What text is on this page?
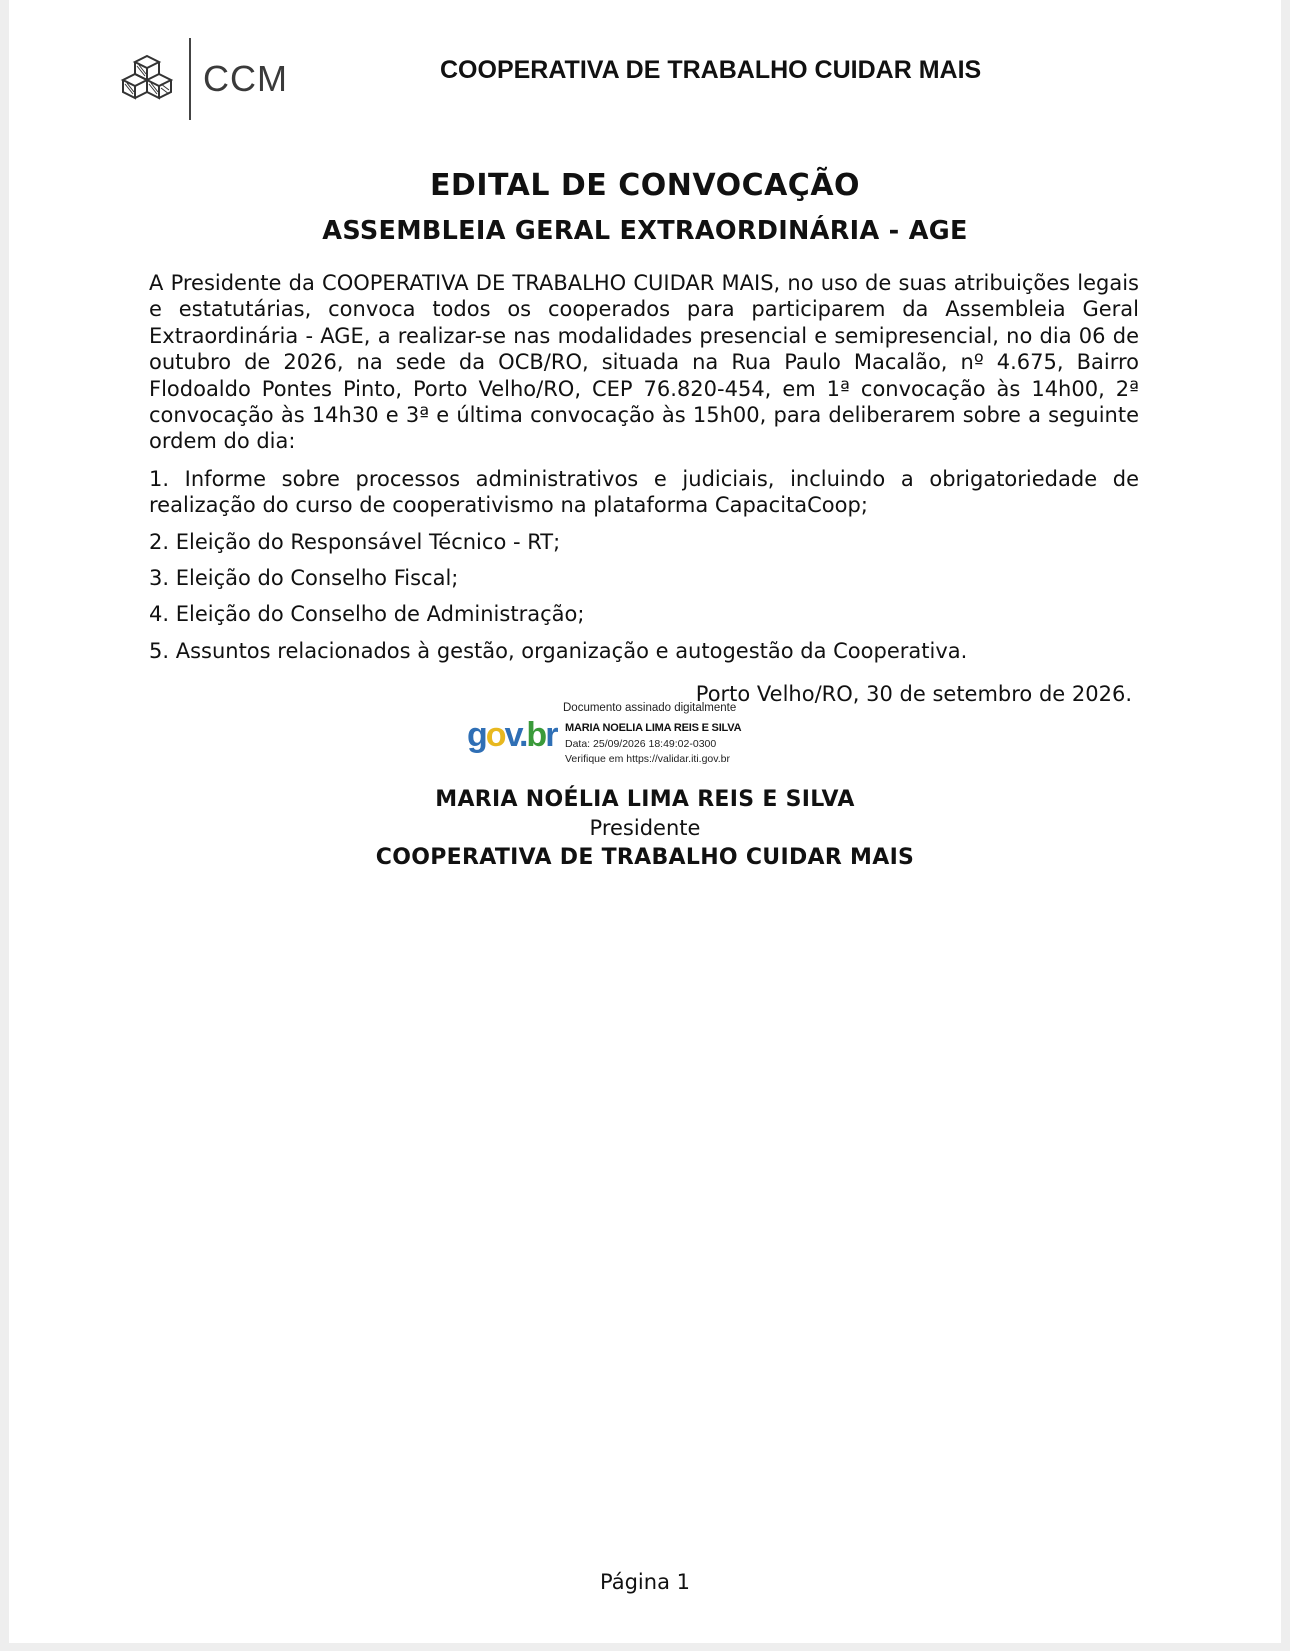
CCM	COOPERATIVA DE TRABALHO CUIDAR MAIS
EDITAL DE CONVOCAÇÃO
ASSEMBLEIA GERAL EXTRAORDINÁRIA - AGE

A Presidente da COOPERATIVA DE TRABALHO CUIDAR MAIS, no uso de suas atribuições legais e estatutárias, convoca todos os cooperados para participarem da Assembleia Geral Extraordinária - AGE, a realizar-se nas modalidades presencial e semipresencial, no dia 06 de outubro de 2026, na sede da OCB/RO, situada na Rua Paulo Macalão, nº 4.675, Bairro Flodoaldo Pontes Pinto, Porto Velho/RO, CEP 76.820-454, em 1ª convocação às 14h00, 2ª convocação às 14h30 e 3ª e última convocação às 15h00, para deliberarem sobre a seguinte ordem do dia:

1. Informe sobre processos administrativos e judiciais, incluindo a obrigatoriedade de realização do curso de cooperativismo na plataforma CapacitaCoop;

2. Eleição do Responsável Técnico - RT;

3. Eleição do Conselho Fiscal;

4. Eleição do Conselho de Administração;

5. Assuntos relacionados à gestão, organização e autogestão da Cooperativa.

Porto Velho/RO, 30 de setembro de 2026.
gov.br
Documento assinado digitalmente
MARIA NOELIA LIMA REIS E SILVA
Data: 25/09/2026 18:49:02-0300
Verifique em https://validar.iti.gov.br
MARIA NOÉLIA LIMA REIS E SILVA
Presidente
COOPERATIVA DE TRABALHO CUIDAR MAIS
Página 1
